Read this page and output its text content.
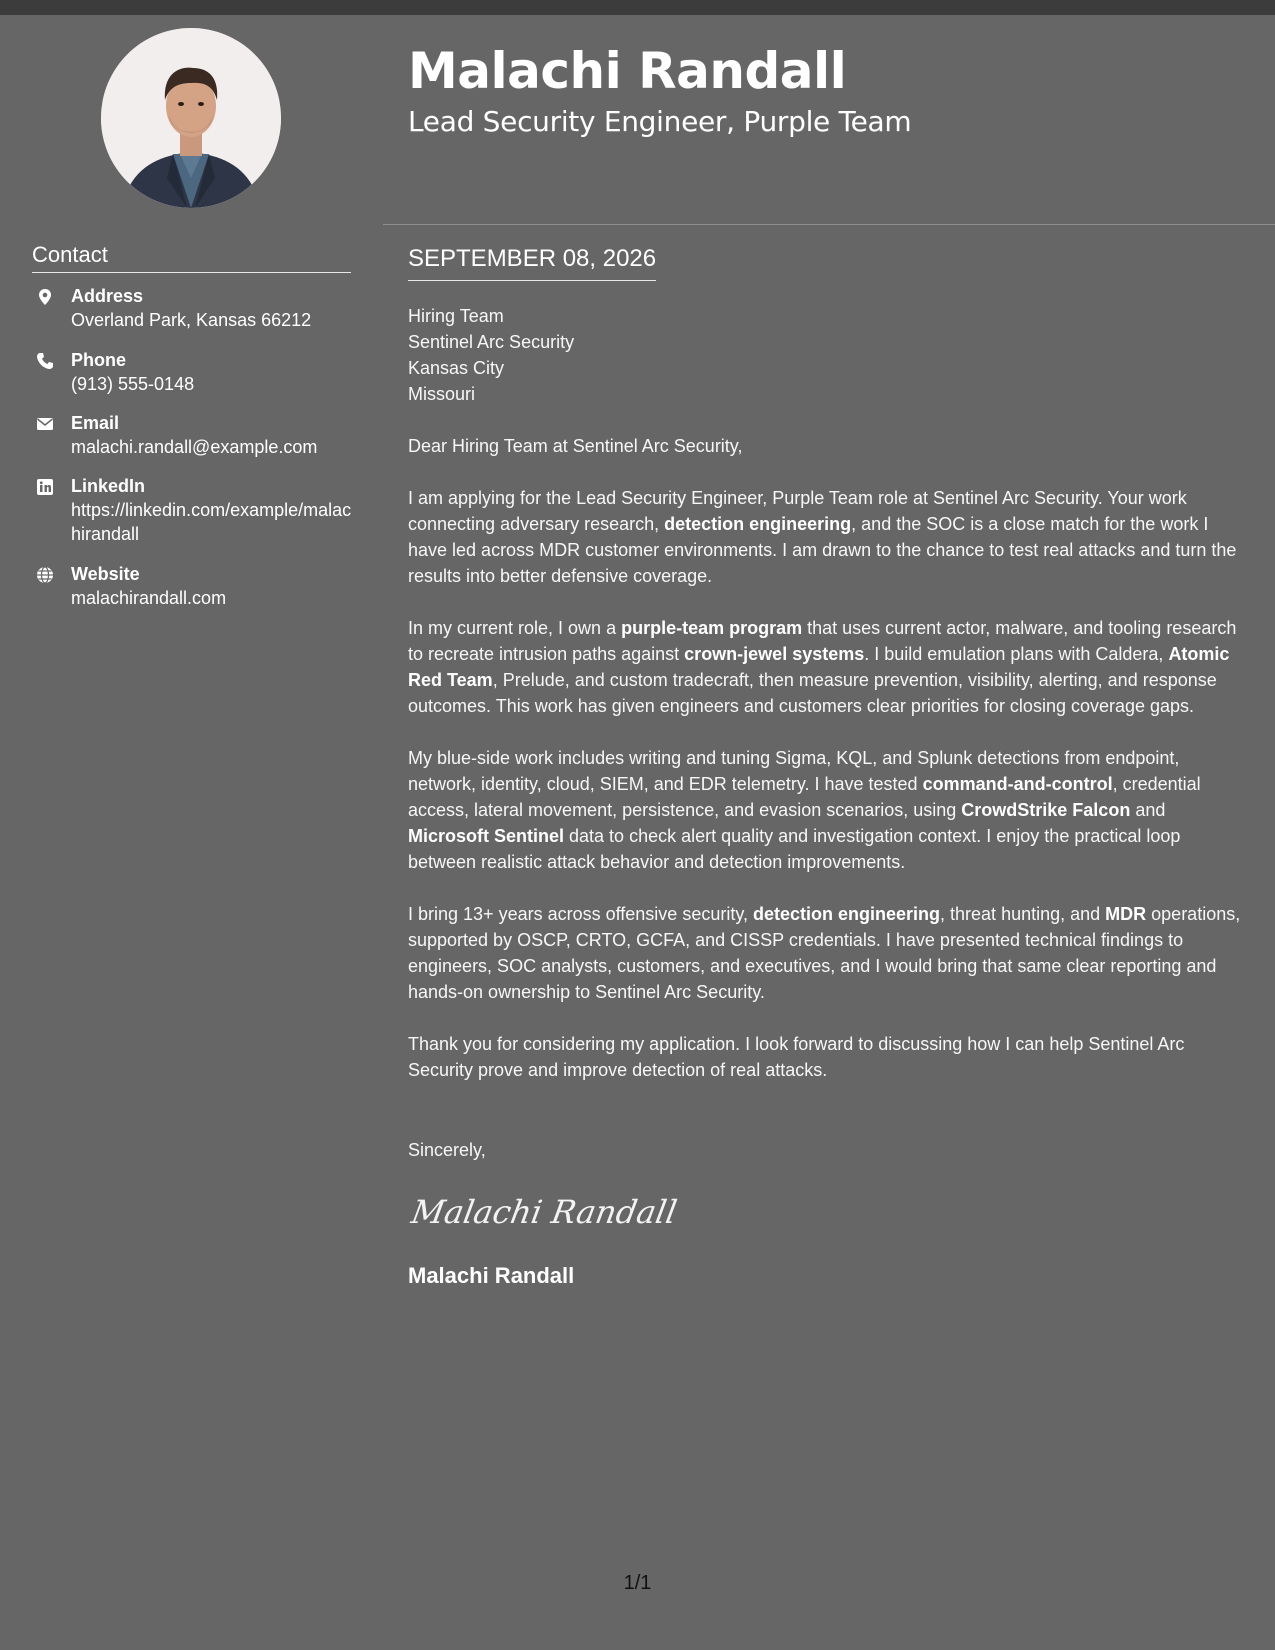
Malachi Randall
Lead Security Engineer, Purple Team
Contact
Address
Overland Park, Kansas 66212
Phone
(913) 555-0148
Email
malachi.randall@example.com
LinkedIn
https://linkedin.com/example/malachirandall
Website
malachirandall.com
SEPTEMBER 08, 2026
Hiring Team
Sentinel Arc Security
Kansas City
Missouri

Dear Hiring Team at Sentinel Arc Security,

I am applying for the Lead Security Engineer, Purple Team role at Sentinel Arc Security. Your work connecting adversary research, detection engineering, and the SOC is a close match for the work I have led across MDR customer environments. I am drawn to the chance to test real attacks and turn the results into better defensive coverage.

In my current role, I own a purple-team program that uses current actor, malware, and tooling research to recreate intrusion paths against crown-jewel systems. I build emulation plans with Caldera, Atomic Red Team, Prelude, and custom tradecraft, then measure prevention, visibility, alerting, and response outcomes. This work has given engineers and customers clear priorities for closing coverage gaps.

My blue-side work includes writing and tuning Sigma, KQL, and Splunk detections from endpoint, network, identity, cloud, SIEM, and EDR telemetry. I have tested command-and-control, credential access, lateral movement, persistence, and evasion scenarios, using CrowdStrike Falcon and Microsoft Sentinel data to check alert quality and investigation context. I enjoy the practical loop between realistic attack behavior and detection improvements.

I bring 13+ years across offensive security, detection engineering, threat hunting, and MDR operations, supported by OSCP, CRTO, GCFA, and CISSP credentials. I have presented technical findings to engineers, SOC analysts, customers, and executives, and I would bring that same clear reporting and hands-on ownership to Sentinel Arc Security.

Thank you for considering my application. I look forward to discussing how I can help Sentinel Arc Security prove and improve detection of real attacks.

Sincerely,

Malachi Randall
Malachi Randall
1/1
